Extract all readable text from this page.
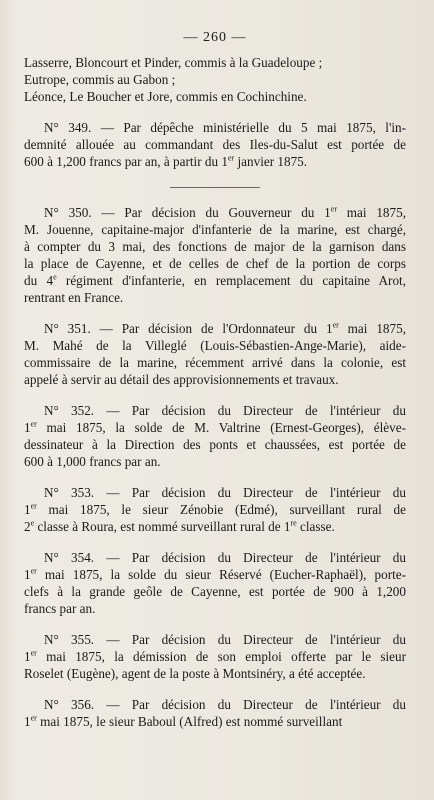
— 260 —
Lasserre, Bloncourt et Pinder, commis à la Guadeloupe ;
Eutrope, commis au Gabon ;
Léonce, Le Boucher et Jore, commis en Cochinchine.
N° 349. — Par dépêche ministérielle du 5 mai 1875, l'in-
demnité allouée au commandant des Iles-du-Salut est portée de
600 à 1,200 francs par an, à partir du 1er janvier 1875.
N° 350. — Par décision du Gouverneur du 1er mai 1875,
M. Jouenne, capitaine-major d'infanterie de la marine, est chargé,
à compter du 3 mai, des fonctions de major de la garnison dans
la place de Cayenne, et de celles de chef de la portion de corps
du 4e régiment d'infanterie, en remplacement du capitaine Arot,
rentrant en France.
N° 351. — Par décision de l'Ordonnateur du 1er mai 1875,
M. Mahé de la Villeglé (Louis-Sébastien-Ange-Marie), aide-
commissaire de la marine, récemment arrivé dans la colonie, est
appelé à servir au détail des approvisionnements et travaux.
N° 352. — Par décision du Directeur de l'intérieur du
1er mai 1875, la solde de M. Valtrine (Ernest-Georges), élève-
dessinateur à la Direction des ponts et chaussées, est portée de
600 à 1,000 francs par an.
N° 353. — Par décision du Directeur de l'intérieur du
1er mai 1875, le sieur Zénobie (Edmé), surveillant rural de
2e classe à Roura, est nommé surveillant rural de 1re classe.
N° 354. — Par décision du Directeur de l'intérieur du
1er mai 1875, la solde du sieur Réservé (Eucher-Raphaël), porte-
clefs à la grande geôle de Cayenne, est portée de 900 à 1,200
francs par an.
N° 355. — Par décision du Directeur de l'intérieur du
1er mai 1875, la démission de son emploi offerte par le sieur
Roselet (Eugène), agent de la poste à Montsinéry, a été acceptée.
N° 356. — Par décision du Directeur de l'intérieur du
1er mai 1875, le sieur Baboul (Alfred) est nommé surveillant
